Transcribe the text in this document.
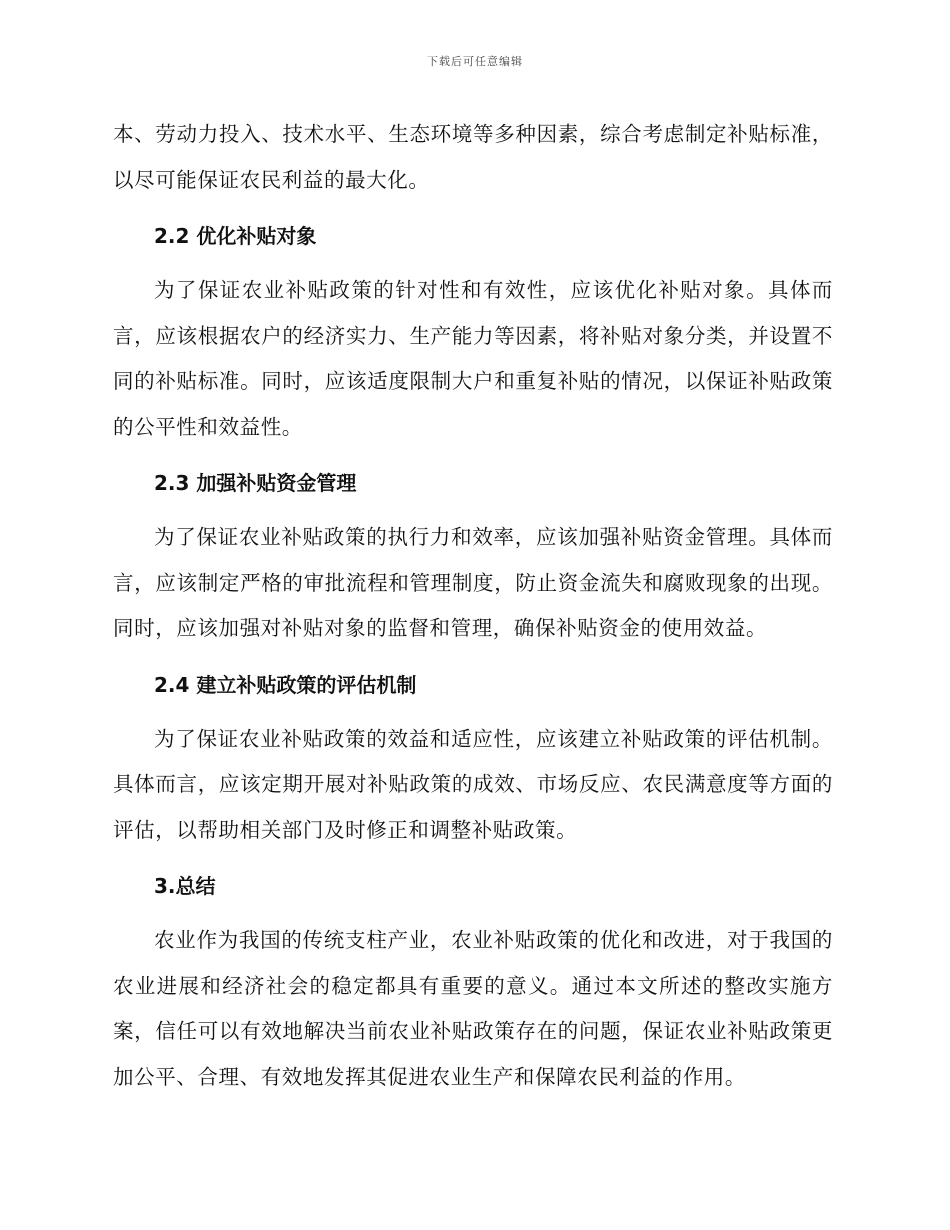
下载后可任意编辑

本、劳动力投入、技术水平、生态环境等多种因素，综合考虑制定补贴标准，以尽可能保证农民利益的最大化。

2.2 优化补贴对象

为了保证农业补贴政策的针对性和有效性，应该优化补贴对象。具体而言，应该根据农户的经济实力、生产能力等因素，将补贴对象分类，并设置不同的补贴标准。同时，应该适度限制大户和重复补贴的情况，以保证补贴政策的公平性和效益性。

2.3 加强补贴资金管理

为了保证农业补贴政策的执行力和效率，应该加强补贴资金管理。具体而言，应该制定严格的审批流程和管理制度，防止资金流失和腐败现象的出现。同时，应该加强对补贴对象的监督和管理，确保补贴资金的使用效益。

2.4 建立补贴政策的评估机制

为了保证农业补贴政策的效益和适应性，应该建立补贴政策的评估机制。具体而言，应该定期开展对补贴政策的成效、市场反应、农民满意度等方面的评估，以帮助相关部门及时修正和调整补贴政策。

3.总结

农业作为我国的传统支柱产业，农业补贴政策的优化和改进，对于我国的农业进展和经济社会的稳定都具有重要的意义。通过本文所述的整改实施方案，信任可以有效地解决当前农业补贴政策存在的问题，保证农业补贴政策更加公平、合理、有效地发挥其促进农业生产和保障农民利益的作用。
